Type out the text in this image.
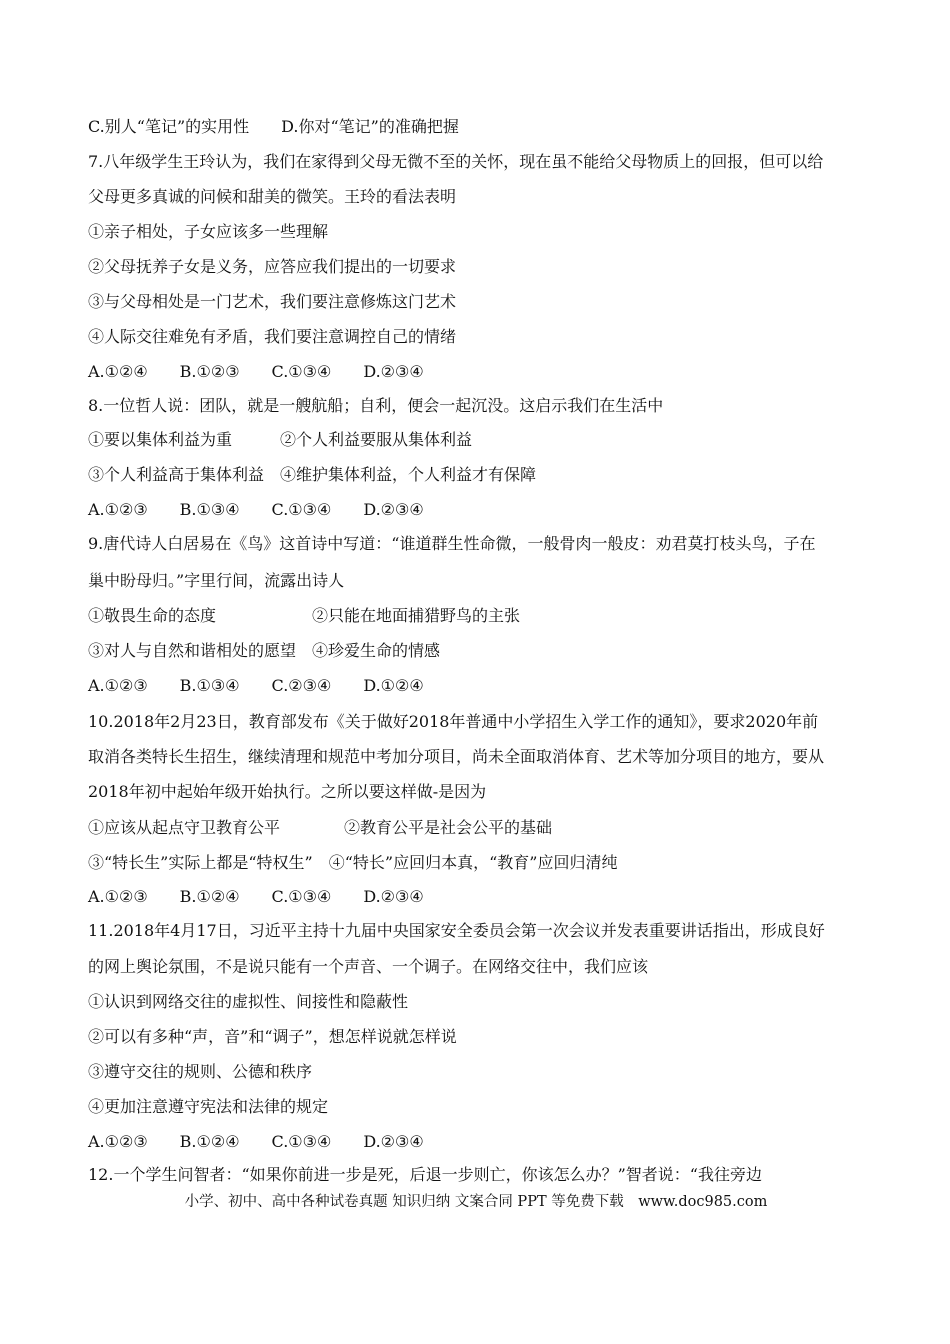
C.别人“笔记”的实用性　　D.你对“笔记”的准确把握
7.八年级学生王玲认为，我们在家得到父母无微不至的关怀，现在虽不能给父母物质上的回报，但可以给
父母更多真诚的问候和甜美的微笑。王玲的看法表明
①亲子相处，子女应该多一些理解
②父母抚养子女是义务，应答应我们提出的一切要求
③与父母相处是一门艺术，我们要注意修炼这门艺术
④人际交往难免有矛盾，我们要注意调控自己的情绪
A.①②④　　B.①②③　　C.①③④　　D.②③④
8.一位哲人说：团队，就是一艘航船；自利，便会一起沉没。这启示我们在生活中
①要以集体利益为重　　　②个人利益要服从集体利益
③个人利益高于集体利益　④维护集体利益，个人利益才有保障
A.①②③　　B.①③④　　C.①③④　　D.②③④
9.唐代诗人白居易在《鸟》这首诗中写道：“谁道群生性命微，一般骨肉一般皮：劝君莫打枝头鸟，子在
巢中盼母归。”字里行间，流露出诗人
①敬畏生命的态度　　　　　　②只能在地面捕猎野鸟的主张
③对人与自然和谐相处的愿望　④珍爱生命的情感
A.①②③　　B.①③④　　C.②③④　　D.①②④
10.2018年2月23日，教育部发布《关于做好2018年普通中小学招生入学工作的通知》，要求2020年前
取消各类特长生招生，继续清理和规范中考加分项目，尚未全面取消体育、艺术等加分项目的地方，要从
2018年初中起始年级开始执行。之所以要这样做-是因为
①应该从起点守卫教育公平　　　　②教育公平是社会公平的基础
③“特长生”实际上都是“特权生”　④“特长”应回归本真，“教育”应回归清纯
A.①②③　　B.①②④　　C.①③④　　D.②③④
11.2018年4月17日，习近平主持十九届中央国家安全委员会第一次会议并发表重要讲话指出，形成良好
的网上舆论氛围，不是说只能有一个声音、一个调子。在网络交往中，我们应该
①认识到网络交往的虚拟性、间接性和隐蔽性
②可以有多种“声，音”和“调子”，想怎样说就怎样说
③遵守交往的规则、公德和秩序
④更加注意遵守宪法和法律的规定
A.①②③　　B.①②④　　C.①③④　　D.②③④
12.一个学生问智者：“如果你前进一步是死，后退一步则亡，你该怎么办？”智者说：“我往旁边
小学、初中、高中各种试卷真题 知识归纳 文案合同 PPT 等免费下载　www.doc985.com
